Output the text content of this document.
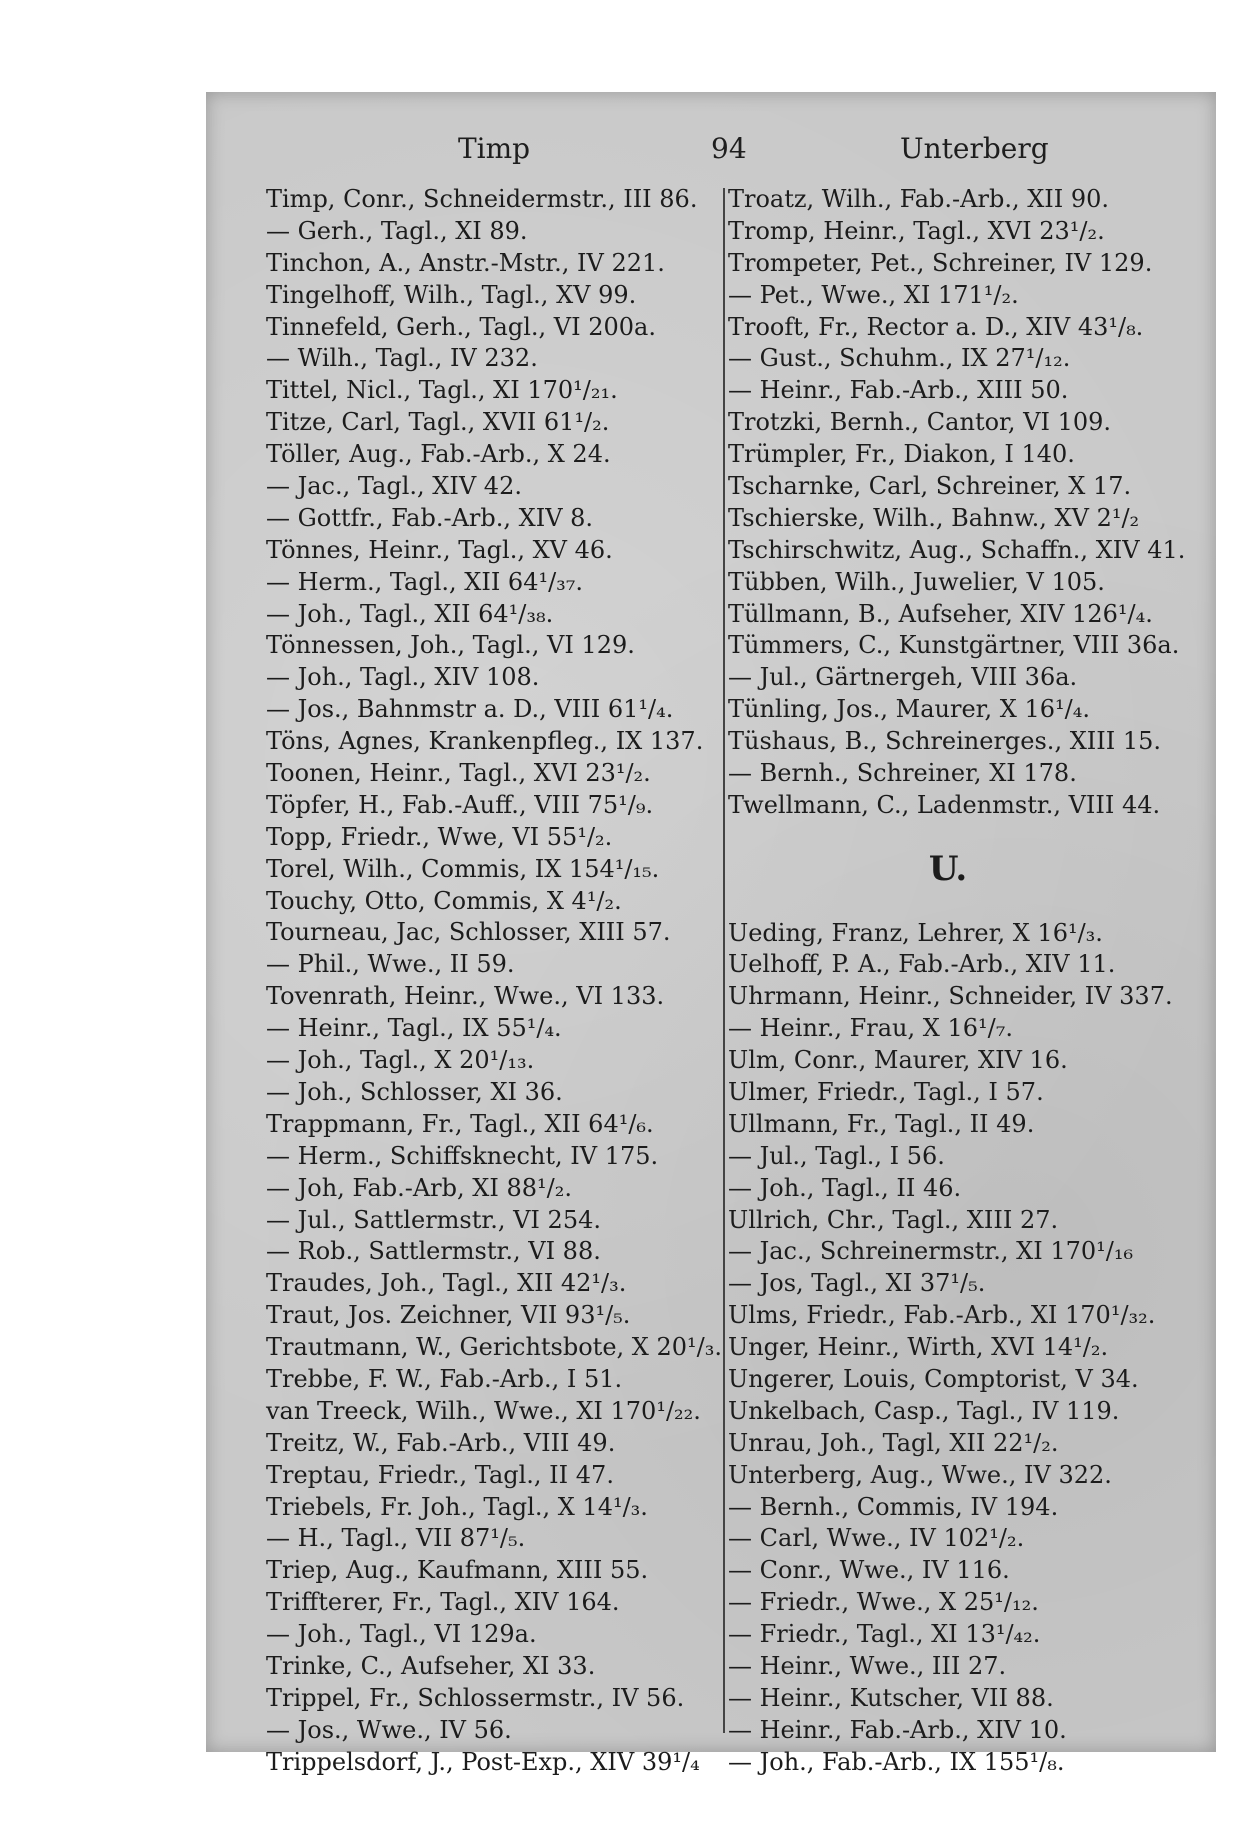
Timp	94	Unterberg
Timp, Conr., Schneidermstr., III 86.
— Gerh., Tagl., XI 89.
Tinchon, A., Anstr.-Mstr., IV 221.
Tingelhoff, Wilh., Tagl., XV 99.
Tinnefeld, Gerh., Tagl., VI 200a.
— Wilh., Tagl., IV 232.
Tittel, Nicl., Tagl., XI 170¹/₂₁.
Titze, Carl, Tagl., XVII 61¹/₂.
Töller, Aug., Fab.-Arb., X 24.
— Jac., Tagl., XIV 42.
— Gottfr., Fab.-Arb., XIV 8.
Tönnes, Heinr., Tagl., XV 46.
— Herm., Tagl., XII 64¹/₃₇.
— Joh., Tagl., XII 64¹/₃₈.
Tönnessen, Joh., Tagl., VI 129.
— Joh., Tagl., XIV 108.
— Jos., Bahnmstr a. D., VIII 61¹/₄.
Töns, Agnes, Krankenpfleg., IX 137.
Toonen, Heinr., Tagl., XVI 23¹/₂.
Töpfer, H., Fab.-Auff., VIII 75¹/₉.
Topp, Friedr., Wwe, VI 55¹/₂.
Torel, Wilh., Commis, IX 154¹/₁₅.
Touchy, Otto, Commis, X 4¹/₂.
Tourneau, Jac, Schlosser, XIII 57.
— Phil., Wwe., II 59.
Tovenrath, Heinr., Wwe., VI 133.
— Heinr., Tagl., IX 55¹/₄.
— Joh., Tagl., X 20¹/₁₃.
— Joh., Schlosser, XI 36.
Trappmann, Fr., Tagl., XII 64¹/₆.
— Herm., Schiffsknecht, IV 175.
— Joh, Fab.-Arb, XI 88¹/₂.
— Jul., Sattlermstr., VI 254.
— Rob., Sattlermstr., VI 88.
Traudes, Joh., Tagl., XII 42¹/₃.
Traut, Jos. Zeichner, VII 93¹/₅.
Trautmann, W., Gerichtsbote, X 20¹/₃.
Trebbe, F. W., Fab.-Arb., I 51.
van Treeck, Wilh., Wwe., XI 170¹/₂₂.
Treitz, W., Fab.-Arb., VIII 49.
Treptau, Friedr., Tagl., II 47.
Triebels, Fr. Joh., Tagl., X 14¹/₃.
— H., Tagl., VII 87¹/₅.
Triep, Aug., Kaufmann, XIII 55.
Triffterer, Fr., Tagl., XIV 164.
— Joh., Tagl., VI 129a.
Trinke, C., Aufseher, XI 33.
Trippel, Fr., Schlossermstr., IV 56.
— Jos., Wwe., IV 56.
Trippelsdorf, J., Post-Exp., XIV 39¹/₄
Troatz, Wilh., Fab.-Arb., XII 90.
Tromp, Heinr., Tagl., XVI 23¹/₂.
Trompeter, Pet., Schreiner, IV 129.
— Pet., Wwe., XI 171¹/₂.
Trooft, Fr., Rector a. D., XIV 43¹/₈.
— Gust., Schuhm., IX 27¹/₁₂.
— Heinr., Fab.-Arb., XIII 50.
Trotzki, Bernh., Cantor, VI 109.
Trümpler, Fr., Diakon, I 140.
Tscharnke, Carl, Schreiner, X 17.
Tschierske, Wilh., Bahnw., XV 2¹/₂
Tschirschwitz, Aug., Schaffn., XIV 41.
Tübben, Wilh., Juwelier, V 105.
Tüllmann, B., Aufseher, XIV 126¹/₄.
Tümmers, C., Kunstgärtner, VIII 36a.
— Jul., Gärtnergeh, VIII 36a.
Tünling, Jos., Maurer, X 16¹/₄.
Tüshaus, B., Schreinerges., XIII 15.
— Bernh., Schreiner, XI 178.
Twellmann, C., Ladenmstr., VIII 44.
U.
Ueding, Franz, Lehrer, X 16¹/₃.
Uelhoff, P. A., Fab.-Arb., XIV 11.
Uhrmann, Heinr., Schneider, IV 337.
— Heinr., Frau, X 16¹/₇.
Ulm, Conr., Maurer, XIV 16.
Ulmer, Friedr., Tagl., I 57.
Ullmann, Fr., Tagl., II 49.
— Jul., Tagl., I 56.
— Joh., Tagl., II 46.
Ullrich, Chr., Tagl., XIII 27.
— Jac., Schreinermstr., XI 170¹/₁₆
— Jos, Tagl., XI 37¹/₅.
Ulms, Friedr., Fab.-Arb., XI 170¹/₃₂.
Unger, Heinr., Wirth, XVI 14¹/₂.
Ungerer, Louis, Comptorist, V 34.
Unkelbach, Casp., Tagl., IV 119.
Unrau, Joh., Tagl, XII 22¹/₂.
Unterberg, Aug., Wwe., IV 322.
— Bernh., Commis, IV 194.
— Carl, Wwe., IV 102¹/₂.
— Conr., Wwe., IV 116.
— Friedr., Wwe., X 25¹/₁₂.
— Friedr., Tagl., XI 13¹/₄₂.
— Heinr., Wwe., III 27.
— Heinr., Kutscher, VII 88.
— Heinr., Fab.-Arb., XIV 10.
— Joh., Fab.-Arb., IX 155¹/₈.
